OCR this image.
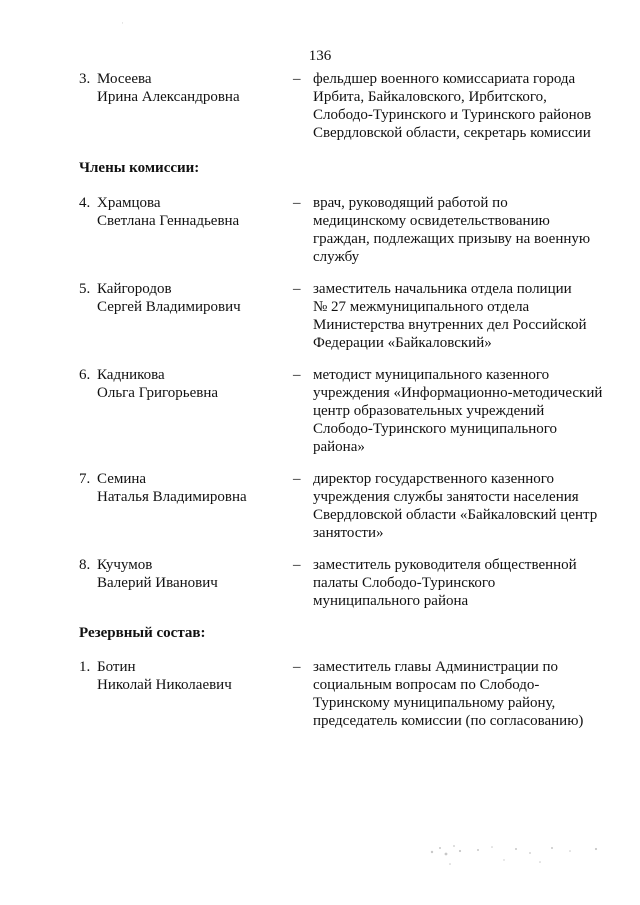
·
136
3. Мосеева
Ирина Александровна
– фельдшер военного комиссариата города
Ирбита, Байкаловского, Ирбитского,
Слободо-Туринского и Туринского районов
Свердловской области, секретарь комиссии
Члены комиссии:
4. Храмцова
Светлана Геннадьевна
– врач, руководящий работой по
медицинскому освидетельствованию
граждан, подлежащих призыву на военную
службу
5. Кайгородов
Сергей Владимирович
– заместитель начальника отдела полиции
№ 27 межмуниципального отдела
Министерства внутренних дел Российской
Федерации «Байкаловский»
6. Кадникова
Ольга Григорьевна
– методист муниципального казенного
учреждения «Информационно-методический
центр образовательных учреждений
Слободо-Туринского муниципального
района»
7. Семина
Наталья Владимировна
– директор государственного казенного
учреждения службы занятости населения
Свердловской области «Байкаловский центр
занятости»
8. Кучумов
Валерий Иванович
– заместитель руководителя общественной
палаты Слободо-Туринского
муниципального района
Резервный состав:
1. Ботин
Николай Николаевич
– заместитель главы Администрации по
социальным вопросам по Слободо-
Туринскому муниципальному району,
председатель комиссии (по согласованию)
